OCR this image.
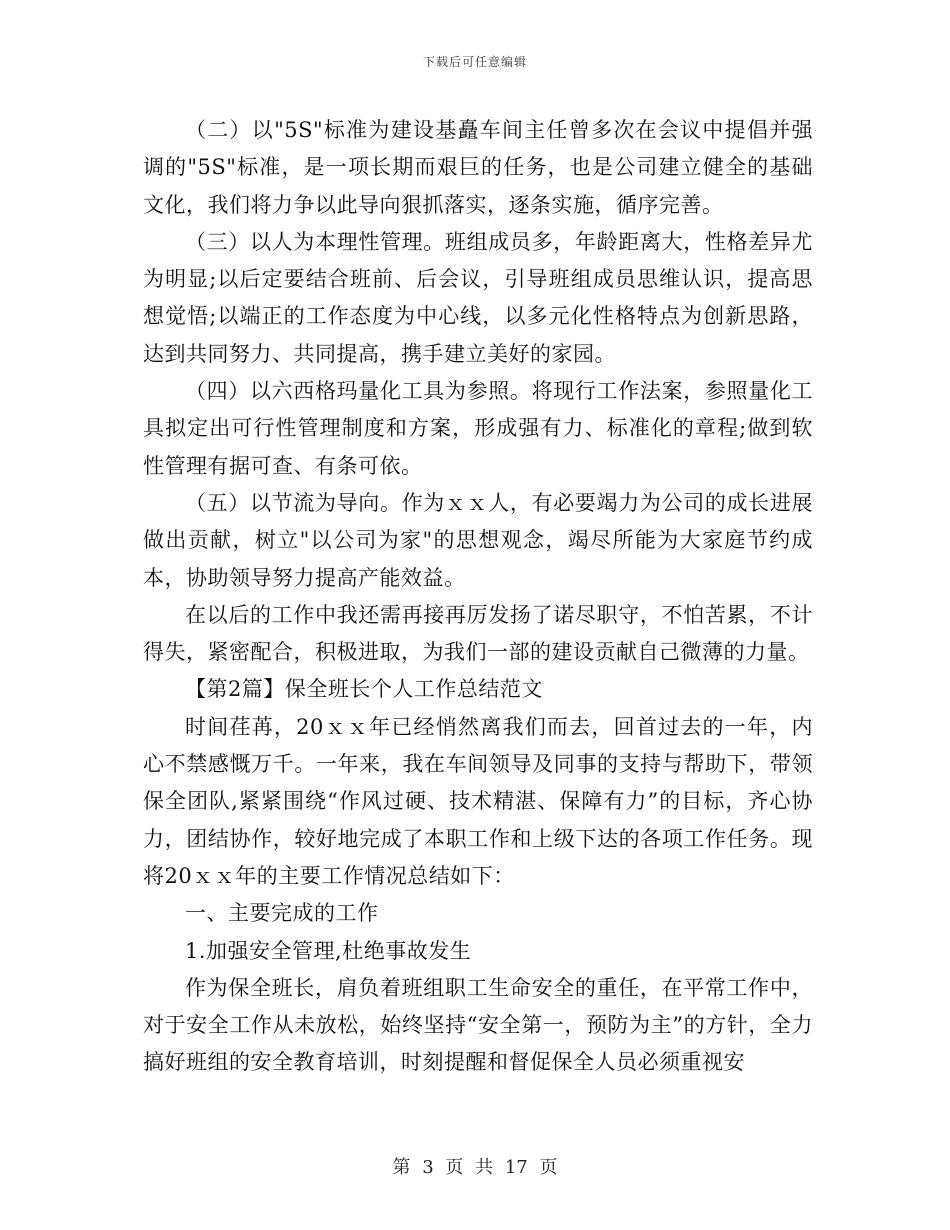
下载后可任意编辑

（二）以"5S"标准为建设基矗车间主任曾多次在会议中提倡并强调的"5S"标准，是一项长期而艰巨的任务，也是公司建立健全的基础文化，我们将力争以此导向狠抓落实，逐条实施，循序完善。

（三）以人为本理性管理。班组成员多，年龄距离大，性格差异尤为明显;以后定要结合班前、后会议，引导班组成员思维认识，提高思想觉悟;以端正的工作态度为中心线，以多元化性格特点为创新思路，达到共同努力、共同提高，携手建立美好的家园。

（四）以六西格玛量化工具为参照。将现行工作法案，参照量化工具拟定出可行性管理制度和方案，形成强有力、标准化的章程;做到软性管理有据可查、有条可依。

（五）以节流为导向。作为ｘｘ人，有必要竭力为公司的成长进展做出贡献，树立"以公司为家"的思想观念，竭尽所能为大家庭节约成本，协助领导努力提高产能效益。

在以后的工作中我还需再接再厉发扬了诺尽职守，不怕苦累，不计得失，紧密配合，积极进取，为我们一部的建设贡献自己微薄的力量。

【第2篇】保全班长个人工作总结范文

时间荏苒，20ｘｘ年已经悄然离我们而去，回首过去的一年，内心不禁感慨万千。一年来，我在车间领导及同事的支持与帮助下，带领保全团队,紧紧围绕“作风过硬、技术精湛、保障有力”的目标，齐心协力，团结协作，较好地完成了本职工作和上级下达的各项工作任务。现将20ｘｘ年的主要工作情况总结如下：

一、主要完成的工作

1.加强安全管理,杜绝事故发生

作为保全班长，肩负着班组职工生命安全的重任，在平常工作中，对于安全工作从未放松，始终坚持“安全第一，预防为主”的方针，全力搞好班组的安全教育培训，时刻提醒和督促保全人员必须重视安

第 3 页 共 17 页
